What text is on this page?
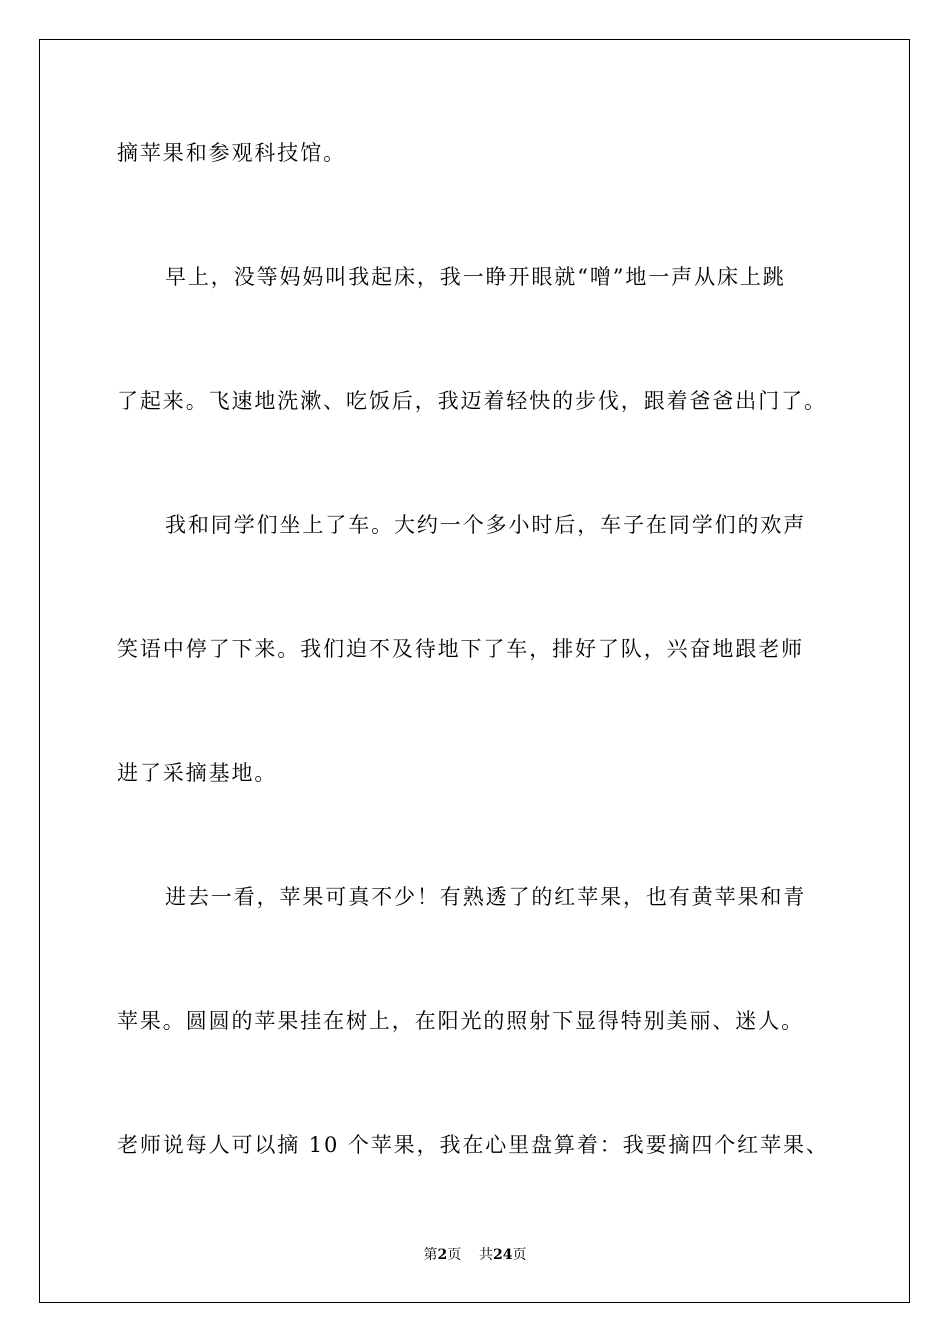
摘苹果和参观科技馆。
早上，没等妈妈叫我起床，我一睁开眼就“噌”地一声从床上跳
了起来。飞速地洗漱、吃饭后，我迈着轻快的步伐，跟着爸爸出门了。
我和同学们坐上了车。大约一个多小时后，车子在同学们的欢声
笑语中停了下来。我们迫不及待地下了车，排好了队，兴奋地跟老师
进了采摘基地。
进去一看，苹果可真不少！有熟透了的红苹果，也有黄苹果和青
苹果。圆圆的苹果挂在树上，在阳光的照射下显得特别美丽、迷人。
老师说每人可以摘 10 个苹果，我在心里盘算着：我要摘四个红苹果、
第2页 共24页
